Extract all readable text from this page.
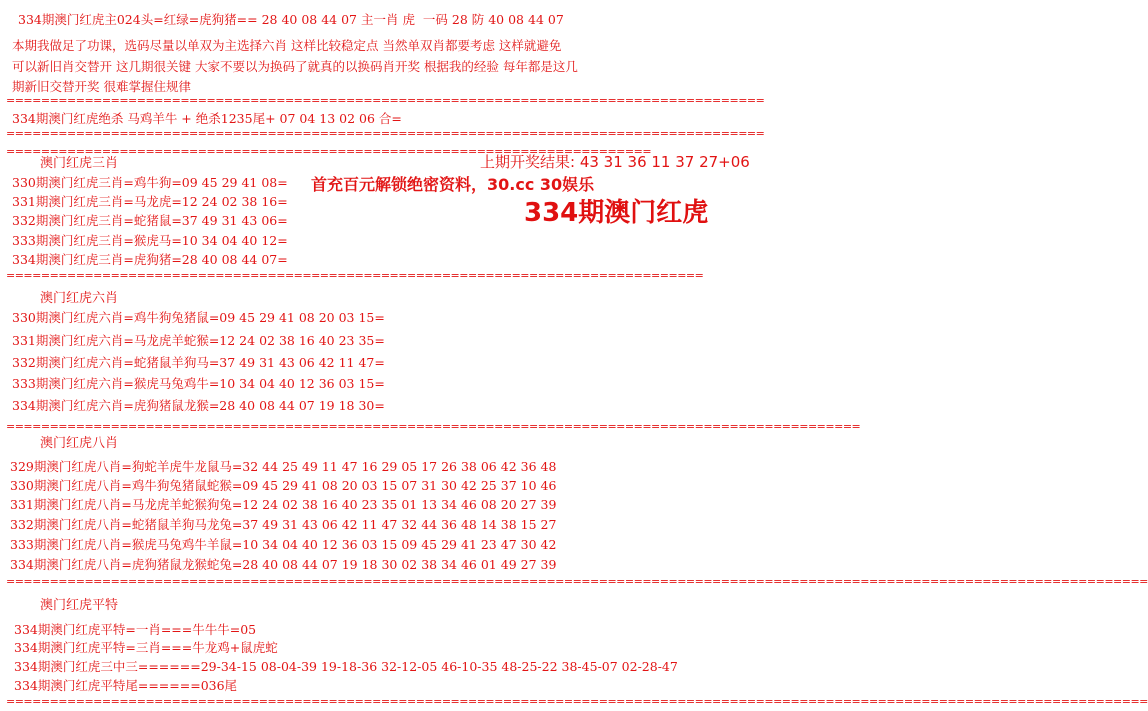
334期澳门红虎主024头=红绿=虎狗猪== 28 40 08 44 07 主一肖 虎  一码 28 防 40 08 44 07
本期我做足了功课，选码尽量以单双为主选择六肖 这样比较稳定点 当然单双肖都要考虑 这样就避免
可以新旧肖交替开 这几期很关键 大家不要以为换码了就真的以换码肖开奖 根据我的经验 每年都是这几
期新旧交替开奖 很难掌握住规律
=======================================================================================
334期澳门红虎绝杀 马鸡羊牛 + 绝杀1235尾+ 07 04 13 02 06 合=
=======================================================================================
==========================================================================
澳门红虎三肖
330期澳门红虎三肖=鸡牛狗=09 45 29 41 08=
331期澳门红虎三肖=马龙虎=12 24 02 38 16=
332期澳门红虎三肖=蛇猪鼠=37 49 31 43 06=
333期澳门红虎三肖=猴虎马=10 34 04 40 12=
334期澳门红虎三肖=虎狗猪=28 40 08 44 07=
================================================================================
澳门红虎六肖
330期澳门红虎六肖=鸡牛狗兔猪鼠=09 45 29 41 08 20 03 15=
331期澳门红虎六肖=马龙虎羊蛇猴=12 24 02 38 16 40 23 35=
332期澳门红虎六肖=蛇猪鼠羊狗马=37 49 31 43 06 42 11 47=
333期澳门红虎六肖=猴虎马兔鸡牛=10 34 04 40 12 36 03 15=
334期澳门红虎六肖=虎狗猪鼠龙猴=28 40 08 44 07 19 18 30=
==================================================================================================
澳门红虎八肖
329期澳门红虎八肖=狗蛇羊虎牛龙鼠马=32 44 25 49 11 47 16 29 05 17 26 38 06 42 36 48
330期澳门红虎八肖=鸡牛狗兔猪鼠蛇猴=09 45 29 41 08 20 03 15 07 31 30 42 25 37 10 46
331期澳门红虎八肖=马龙虎羊蛇猴狗兔=12 24 02 38 16 40 23 35 01 13 34 46 08 20 27 39
332期澳门红虎八肖=蛇猪鼠羊狗马龙兔=37 49 31 43 06 42 11 47 32 44 36 48 14 38 15 27
333期澳门红虎八肖=猴虎马兔鸡牛羊鼠=10 34 04 40 12 36 03 15 09 45 29 41 23 47 30 42
334期澳门红虎八肖=虎狗猪鼠龙猴蛇兔=28 40 08 44 07 19 18 30 02 38 34 46 01 49 27 39
===================================================================================================================================
澳门红虎平特
334期澳门红虎平特=一肖===牛牛牛=05
334期澳门红虎平特=三肖===牛龙鸡+鼠虎蛇
334期澳门红虎三中三======29-34-15 08-04-39 19-18-36 32-12-05 46-10-35 48-25-22 38-45-07 02-28-47
334期澳门红虎平特尾======036尾
===================================================================================================================================
上期开奖结果: 43 31 36 11 37 27+06
首充百元解锁绝密资料，30.cc 30娱乐
334期澳门红虎
